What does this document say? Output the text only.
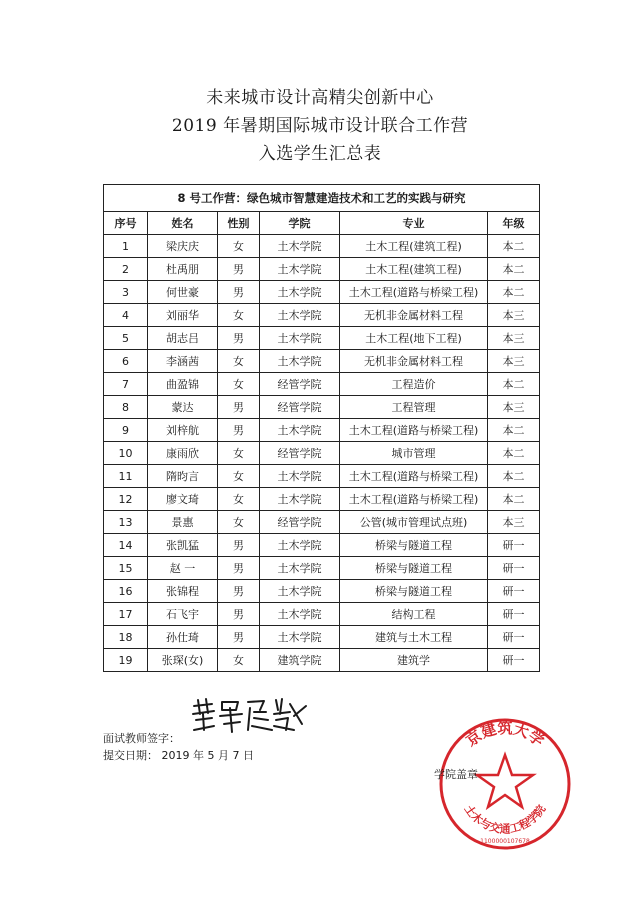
未来城市设计高精尖创新中心
2019 年暑期国际城市设计联合工作营
入选学生汇总表
8 号工作营：绿色城市智慧建造技术和工艺的实践与研究					
序号	姓名	性别	学院	专业	年级
1	梁庆庆	女	土木学院	土木工程(建筑工程)	本二
2	杜禹朋	男	土木学院	土木工程(建筑工程)	本二
3	何世豪	男	土木学院	土木工程(道路与桥梁工程)	本二
4	刘丽华	女	土木学院	无机非金属材料工程	本三
5	胡志吕	男	土木学院	土木工程(地下工程)	本三
6	李涵茜	女	土木学院	无机非金属材料工程	本三
7	曲盈锦	女	经管学院	工程造价	本二
8	蒙达	男	经管学院	工程管理	本三
9	刘梓航	男	土木学院	土木工程(道路与桥梁工程)	本二
10	康雨欣	女	经管学院	城市管理	本二
11	隋昀言	女	土木学院	土木工程(道路与桥梁工程)	本二
12	廖文琦	女	土木学院	土木工程(道路与桥梁工程)	本二
13	景惠	女	经管学院	公管(城市管理试点班)	本三
14	张凯猛	男	土木学院	桥梁与隧道工程	研一
15	赵 一	男	土木学院	桥梁与隧道工程	研一
16	张锦程	男	土木学院	桥梁与隧道工程	研一
17	石飞宇	男	土木学院	结构工程	研一
18	孙仕琦	男	土木学院	建筑与土木工程	研一
19	张琛(女)	女	建筑学院	建筑学	研一
面试教师签字：
提交日期： 2019 年 5 月 7 日
京建筑大学
土木与交通工程学院
1100000107678
学院盖章
